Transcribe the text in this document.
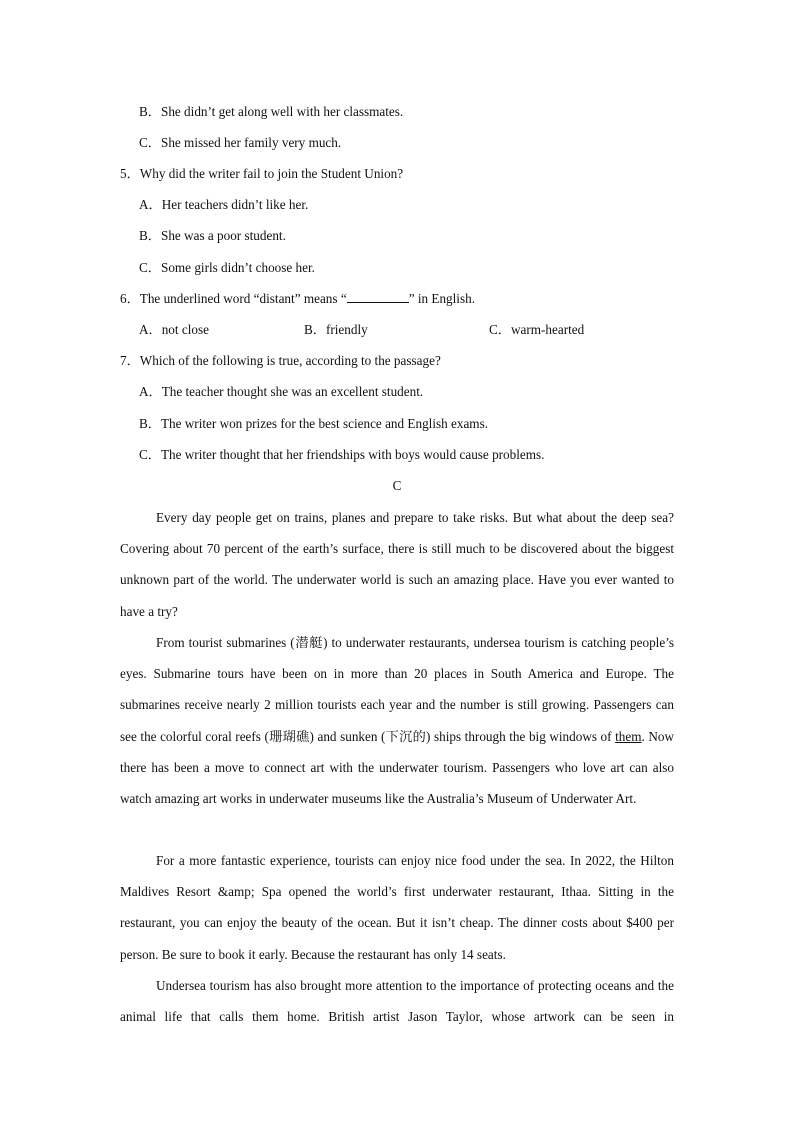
B．She didn’t get along well with her classmates.
C．She missed her family very much.
5．Why did the writer fail to join the Student Union?
A．Her teachers didn’t like her.
B．She was a poor student.
C．Some girls didn’t choose her.
6．The underlined word “distant” means “	” in English.
A．not close	B．friendly	C．warm-hearted
7．Which of the following is true, according to the passage?
A．The teacher thought she was an excellent student.
B．The writer won prizes for the best science and English exams.
C．The writer thought that her friendships with boys would cause problems.
C
Every day people get on trains, planes and prepare to take risks. But what about the deep sea? Covering about 70 percent of the earth’s surface, there is still much to be discovered about the biggest unknown part of the world. The underwater world is such an amazing place. Have you ever wanted to have a try?
From tourist submarines (潜艇) to underwater restaurants, undersea tourism is catching people’s eyes. Submarine tours have been on in more than 20 places in South America and Europe. The submarines receive nearly 2 million tourists each year and the number is still growing. Passengers can see the colorful coral reefs (珊瑚礁) and sunken (下沉的) ships through the big windows of them. Now there has been a move to connect art with the underwater tourism. Passengers who love art can also watch amazing art works in underwater museums like the Australia’s Museum of Underwater Art.
For a more fantastic experience, tourists can enjoy nice food under the sea. In 2022, the Hilton Maldives Resort &amp; Spa opened the world’s first underwater restaurant, Ithaa. Sitting in the restaurant, you can enjoy the beauty of the ocean. But it isn’t cheap. The dinner costs about $400 per person. Be sure to book it early. Because the restaurant has only 14 seats.
Undersea tourism has also brought more attention to the importance of protecting oceans and the animal life that calls them home. British artist Jason Taylor, whose artwork can be seen in
